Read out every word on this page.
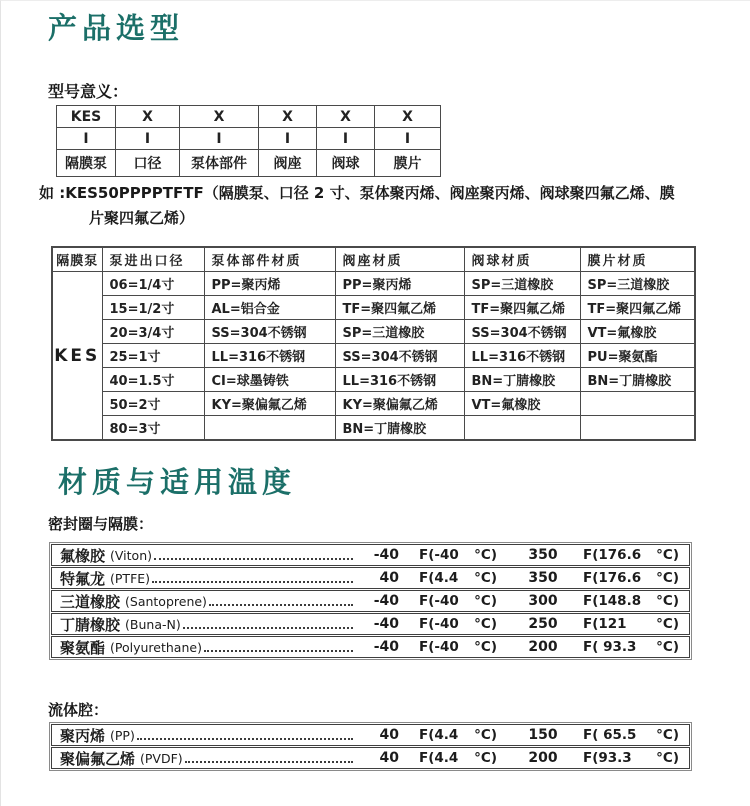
产品选型
型号意义：
KES	X	X	X	X	X
I	I	I	I	I	I
隔膜泵	口径	泵体部件	阀座	阀球	膜片
如 :KES50PPPPTFTF（隔膜泵、口径 2 寸、泵体聚丙烯、阀座聚丙烯、阀球聚四氟乙烯、膜
片聚四氟乙烯）
隔膜泵	泵进出口径	泵体部件材质	阀座材质	阀球材质	膜片材质
KES	06=1/4寸	PP=聚丙烯	PP=聚丙烯	SP=三道橡胶	SP=三道橡胶
	15=1/2寸	AL=铝合金	TF=聚四氟乙烯	TF=聚四氟乙烯	TF=聚四氟乙烯
	20=3/4寸	SS=304不锈钢	SP=三道橡胶	SS=304不锈钢	VT=氟橡胶
	25=1寸	LL=316不锈钢	SS=304不锈钢	LL=316不锈钢	PU=聚氨酯
	40=1.5寸	CI=球墨铸铁	LL=316不锈钢	BN=丁腈橡胶	BN=丁腈橡胶
	50=2寸	KY=聚偏氟乙烯	KY=聚偏氟乙烯	VT=氟橡胶	
	80=3寸		BN=丁腈橡胶		
材质与适用温度
密封圈与隔膜：
氟橡胶 (Viton)	-40 F(-40 °C)	350	F(176.6 °C)
特氟龙 (PTFE)	40 F(4.4 °C)	350	F(176.6 °C)
三道橡胶 (Santoprene)	-40 F(-40 °C)	300	F(148.8 °C)
丁腈橡胶 (Buna-N)	-40 F(-40 °C)	250	F(121 °C)
聚氨酯 (Polyurethane)	-40 F(-40 °C)	200	F( 93.3 °C)
流体腔：
聚丙烯 (PP)	40 F(4.4 °C)	150	F( 65.5 °C)
聚偏氟乙烯 (PVDF)	40 F(4.4 °C)	200	F(93.3 °C)
